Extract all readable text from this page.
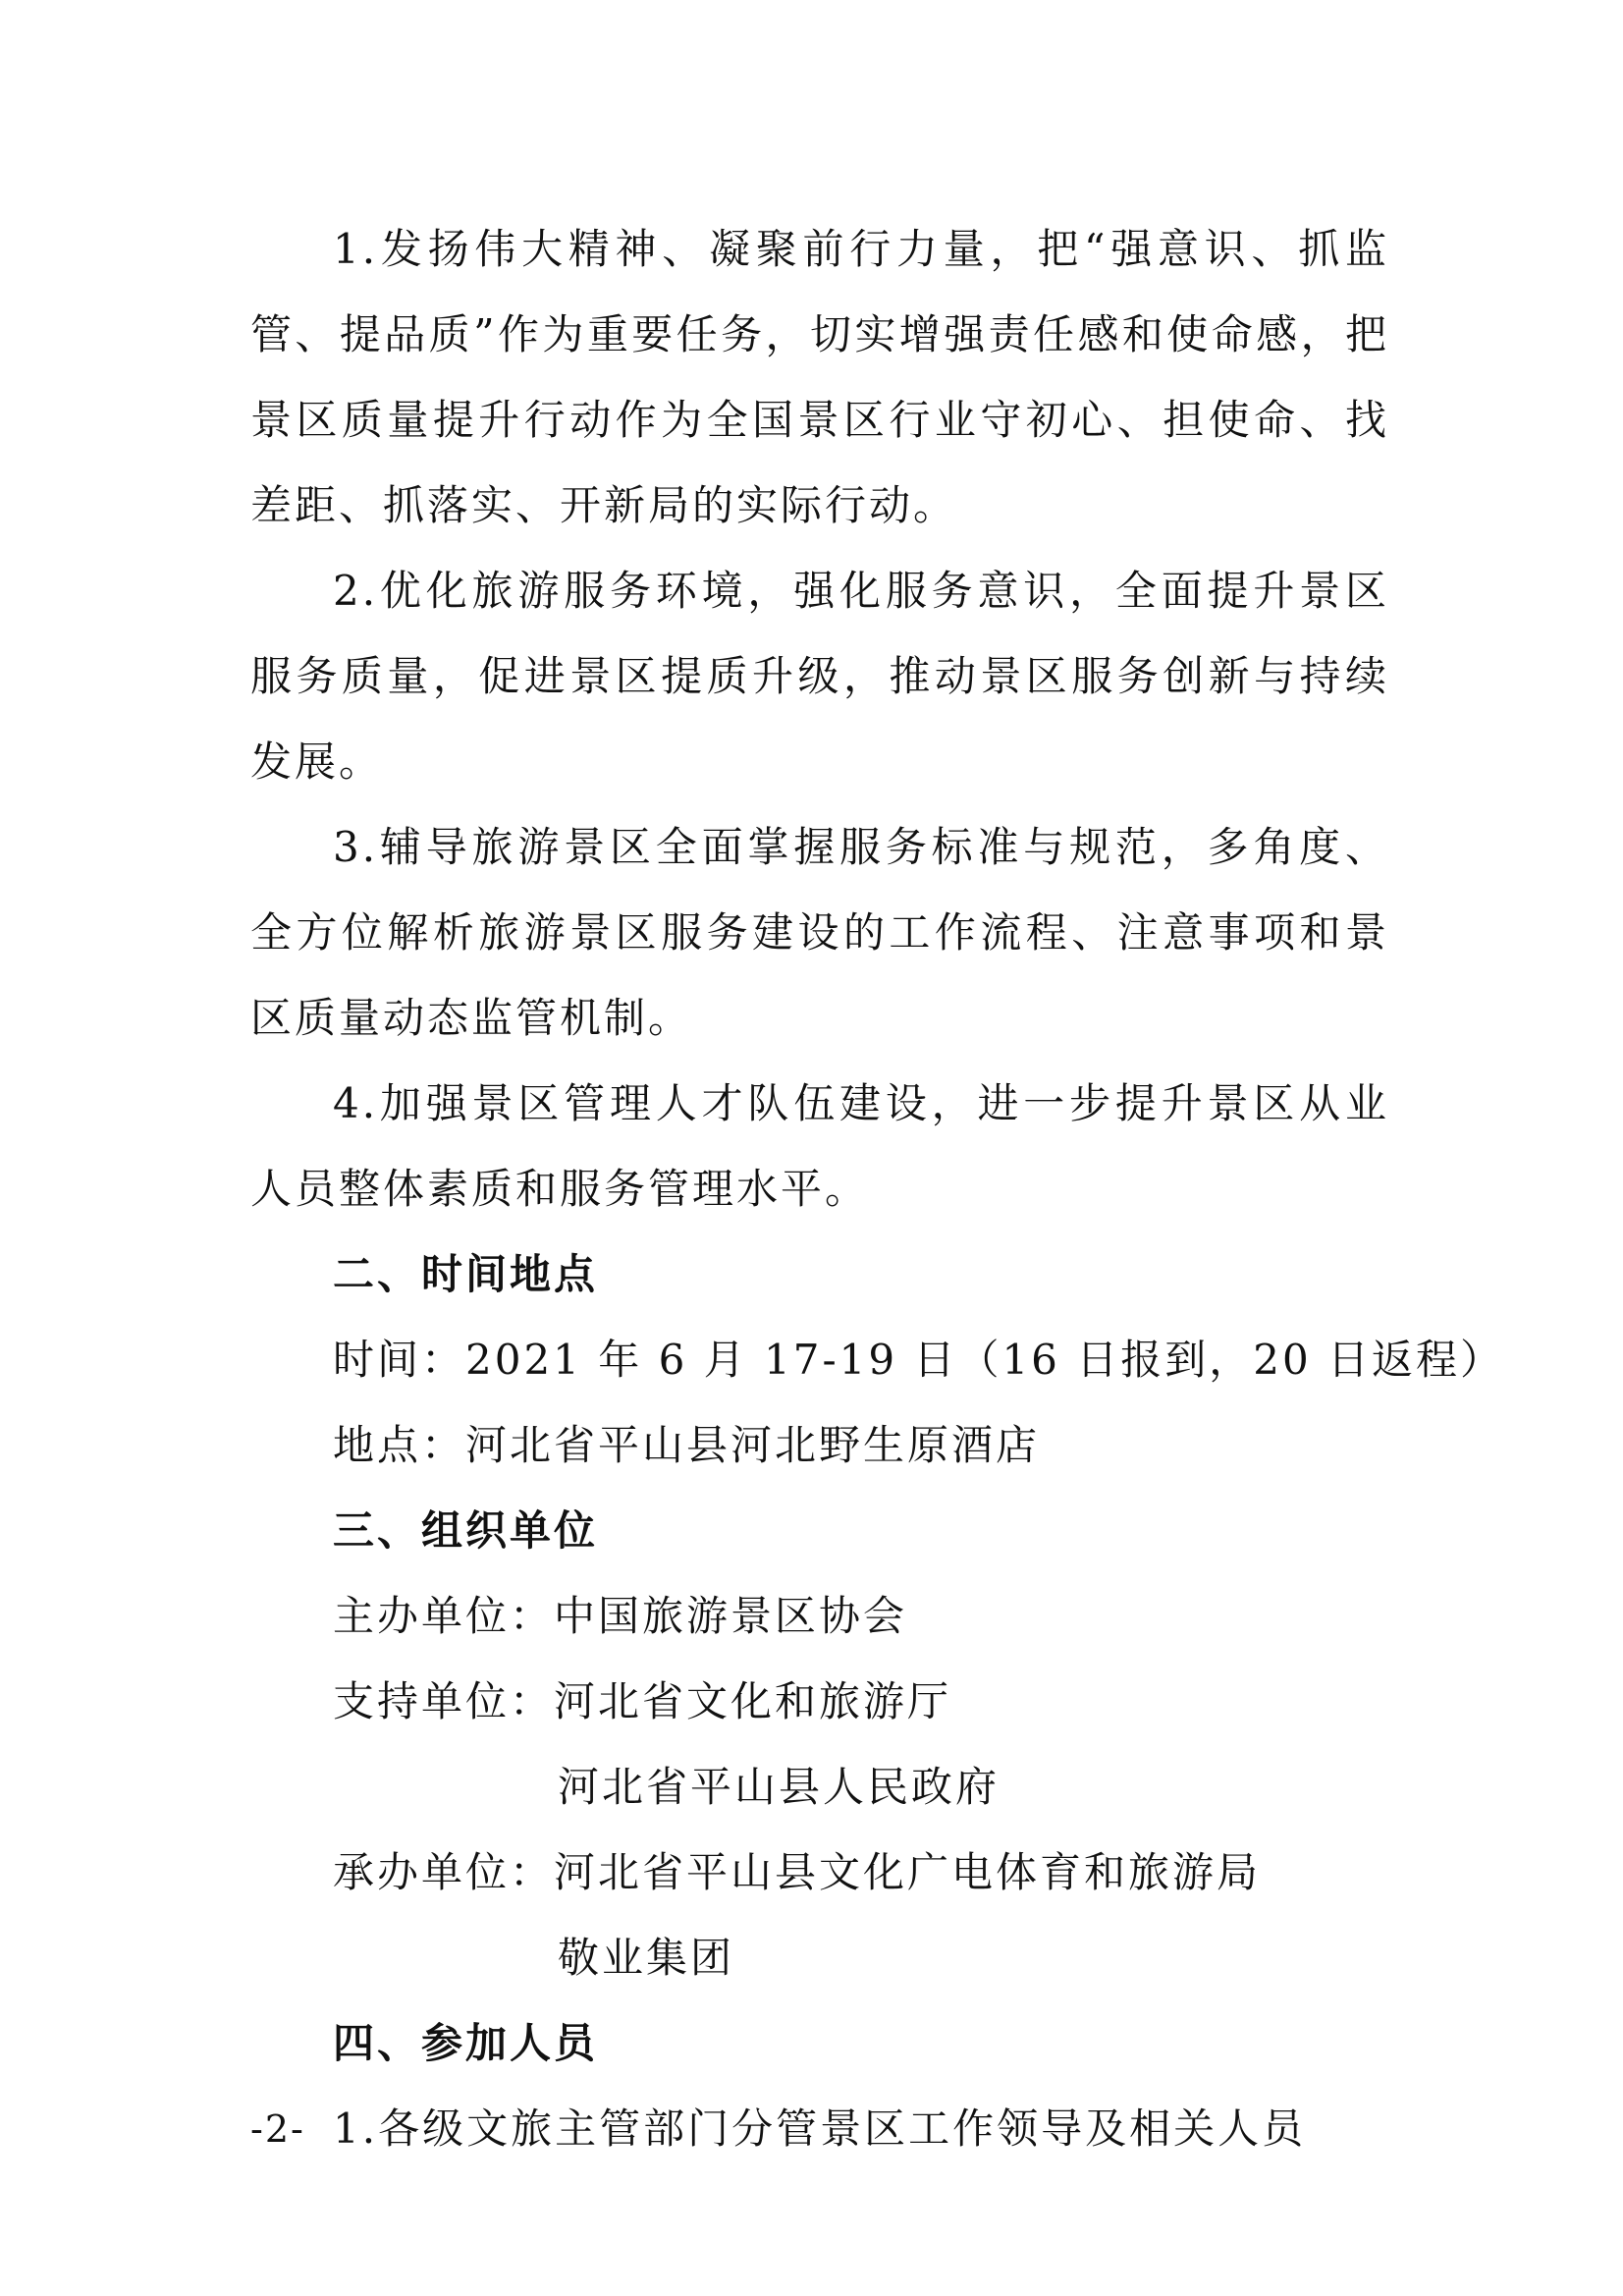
1.发扬伟大精神、凝聚前行力量，把“强意识、抓监管、提品质”作为重要任务，切实增强责任感和使命感，把景区质量提升行动作为全国景区行业守初心、担使命、找差距、抓落实、开新局的实际行动。

2.优化旅游服务环境，强化服务意识，全面提升景区服务质量，促进景区提质升级，推动景区服务创新与持续发展。

3.辅导旅游景区全面掌握服务标准与规范，多角度、全方位解析旅游景区服务建设的工作流程、注意事项和景区质量动态监管机制。

4.加强景区管理人才队伍建设，进一步提升景区从业人员整体素质和服务管理水平。

二、时间地点

时间：2021 年 6 月 17-19 日（16 日报到，20 日返程）

地点：河北省平山县河北野生原酒店

三、组织单位

主办单位：中国旅游景区协会

支持单位：河北省文化和旅游厅

河北省平山县人民政府

承办单位：河北省平山县文化广电体育和旅游局

敬业集团

四、参加人员

1.各级文旅主管部门分管景区工作领导及相关人员

-2-
